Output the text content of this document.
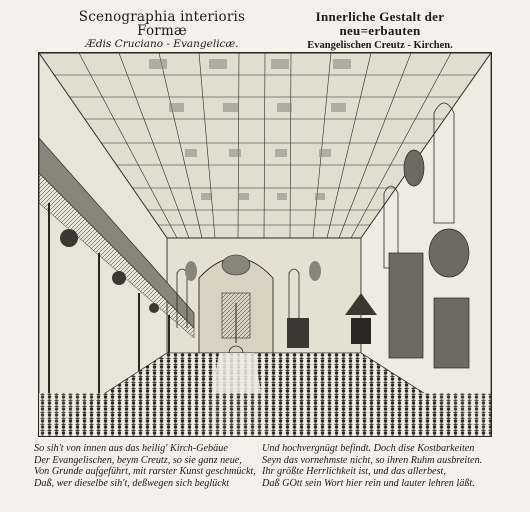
Scenographia interioris Formæ
Ædis Cruciano - Evangelicæ.
Innerliche Gestalt der neu=erbauten
Evangelischen Creutz - Kirchen.
So sih't von innen aus das heilig' Kirch-Gebäue
Der Evangelischen, beym Creutz, so sie ganz neue,
Von Grunde aufgeführt, mit rarster Kunst geschmückt,
Daß, wer dieselbe sih't, deßwegen sich beglückt
Und hochvergnügt befindt. Doch dise Kostbarkeiten
Seyn das vornehmste nicht, so ihren Ruhm ausbreiten.
Ihr größte Herrlichkeit ist, und das allerbest,
Daß GOtt sein Wort hier rein und lauter lehren läßt.
